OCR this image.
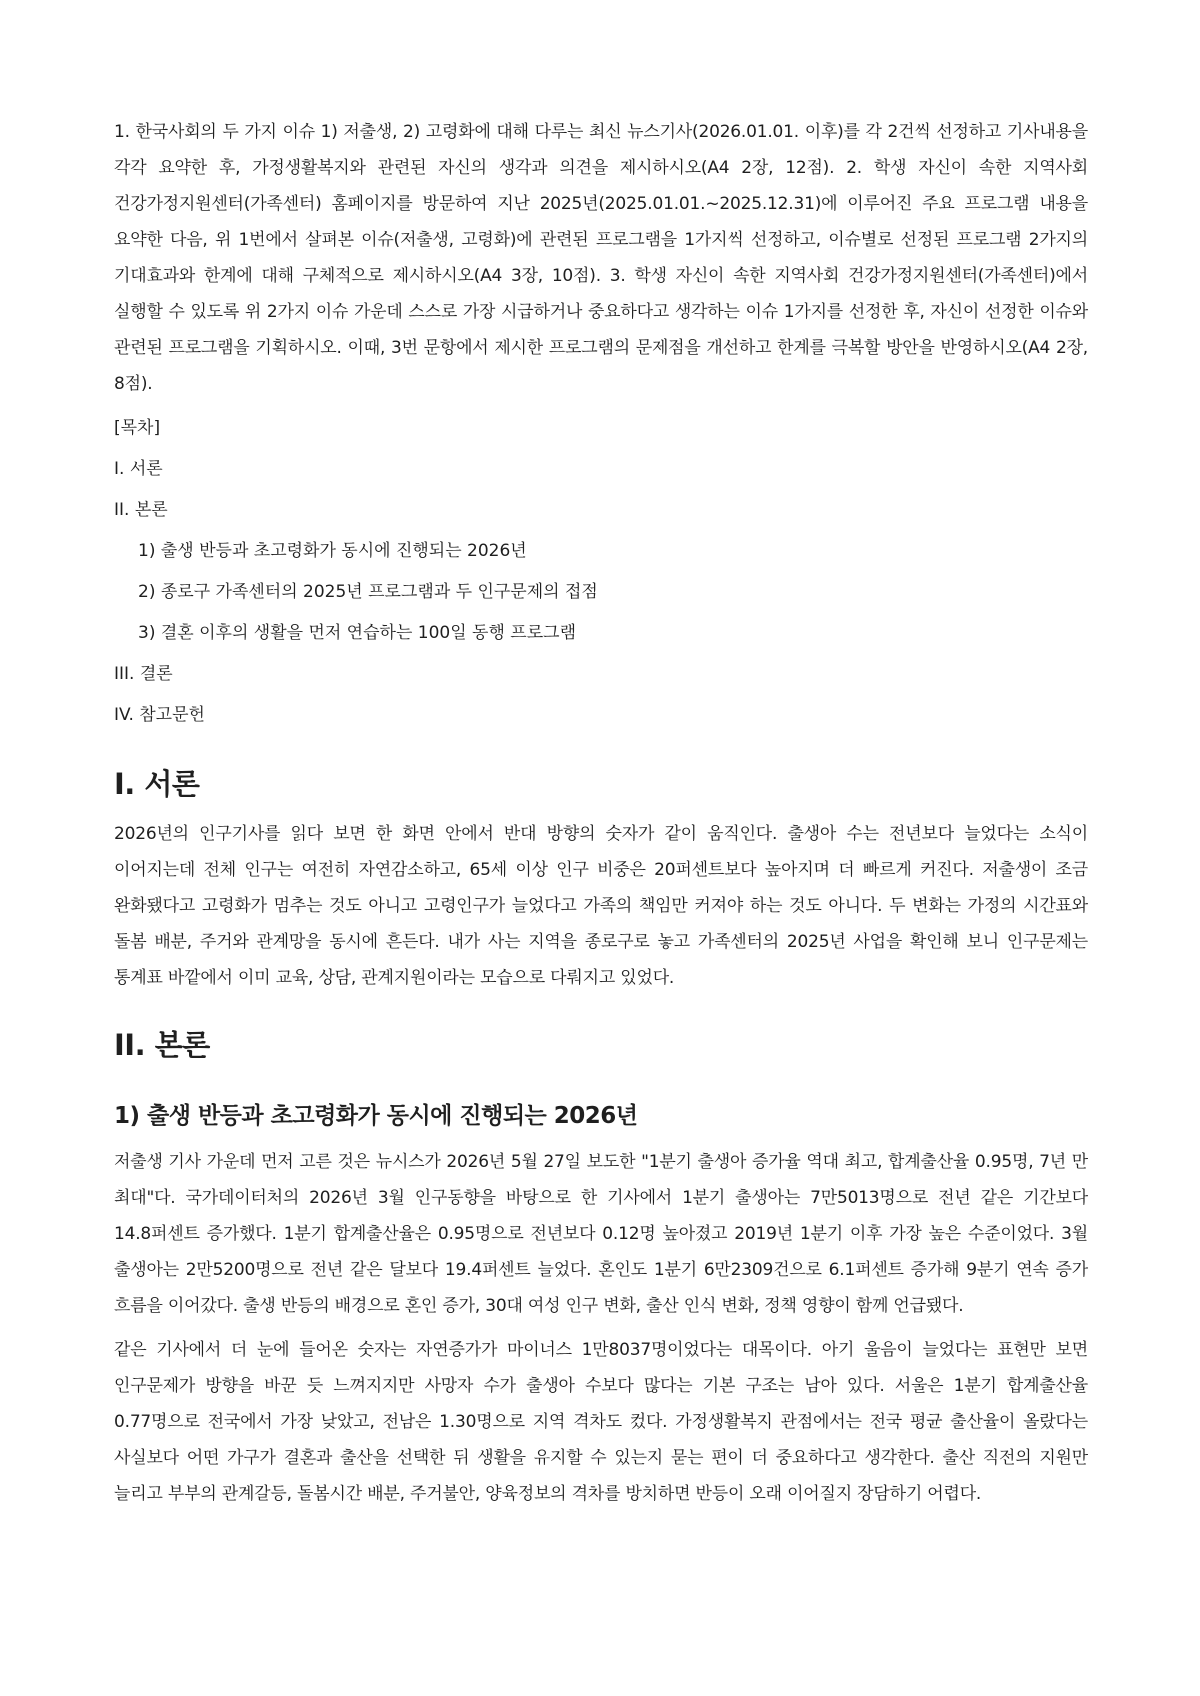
1. 한국사회의 두 가지 이슈 1) 저출생, 2) 고령화에 대해 다루는 최신 뉴스기사(2026.01.01. 이후)를 각 2건씩 선정하고 기사내용을 각각 요약한 후, 가정생활복지와 관련된 자신의 생각과 의견을 제시하시오(A4 2장, 12점). 2. 학생 자신이 속한 지역사회 건강가정지원센터(가족센터) 홈페이지를 방문하여 지난 2025년(2025.01.01.~2025.12.31)에 이루어진 주요 프로그램 내용을 요약한 다음, 위 1번에서 살펴본 이슈(저출생, 고령화)에 관련된 프로그램을 1가지씩 선정하고, 이슈별로 선정된 프로그램 2가지의 기대효과와 한계에 대해 구체적으로 제시하시오(A4 3장, 10점). 3. 학생 자신이 속한 지역사회 건강가정지원센터(가족센터)에서 실행할 수 있도록 위 2가지 이슈 가운데 스스로 가장 시급하거나 중요하다고 생각하는 이슈 1가지를 선정한 후, 자신이 선정한 이슈와 관련된 프로그램을 기획하시오. 이때, 3번 문항에서 제시한 프로그램의 문제점을 개선하고 한계를 극복할 방안을 반영하시오(A4 2장, 8점).

[목차]
I. 서론
II. 본론
1) 출생 반등과 초고령화가 동시에 진행되는 2026년
2) 종로구 가족센터의 2025년 프로그램과 두 인구문제의 접점
3) 결혼 이후의 생활을 먼저 연습하는 100일 동행 프로그램
III. 결론
IV. 참고문헌
I. 서론

2026년의 인구기사를 읽다 보면 한 화면 안에서 반대 방향의 숫자가 같이 움직인다. 출생아 수는 전년보다 늘었다는 소식이 이어지는데 전체 인구는 여전히 자연감소하고, 65세 이상 인구 비중은 20퍼센트보다 높아지며 더 빠르게 커진다. 저출생이 조금 완화됐다고 고령화가 멈추는 것도 아니고 고령인구가 늘었다고 가족의 책임만 커져야 하는 것도 아니다. 두 변화는 가정의 시간표와 돌봄 배분, 주거와 관계망을 동시에 흔든다. 내가 사는 지역을 종로구로 놓고 가족센터의 2025년 사업을 확인해 보니 인구문제는 통계표 바깥에서 이미 교육, 상담, 관계지원이라는 모습으로 다뤄지고 있었다.

II. 본론
1) 출생 반등과 초고령화가 동시에 진행되는 2026년

저출생 기사 가운데 먼저 고른 것은 뉴시스가 2026년 5월 27일 보도한 "1분기 출생아 증가율 역대 최고, 합계출산율 0.95명, 7년 만 최대"다. 국가데이터처의 2026년 3월 인구동향을 바탕으로 한 기사에서 1분기 출생아는 7만5013명으로 전년 같은 기간보다 14.8퍼센트 증가했다. 1분기 합계출산율은 0.95명으로 전년보다 0.12명 높아졌고 2019년 1분기 이후 가장 높은 수준이었다. 3월 출생아는 2만5200명으로 전년 같은 달보다 19.4퍼센트 늘었다. 혼인도 1분기 6만2309건으로 6.1퍼센트 증가해 9분기 연속 증가 흐름을 이어갔다. 출생 반등의 배경으로 혼인 증가, 30대 여성 인구 변화, 출산 인식 변화, 정책 영향이 함께 언급됐다.

같은 기사에서 더 눈에 들어온 숫자는 자연증가가 마이너스 1만8037명이었다는 대목이다. 아기 울음이 늘었다는 표현만 보면 인구문제가 방향을 바꾼 듯 느껴지지만 사망자 수가 출생아 수보다 많다는 기본 구조는 남아 있다. 서울은 1분기 합계출산율 0.77명으로 전국에서 가장 낮았고, 전남은 1.30명으로 지역 격차도 컸다. 가정생활복지 관점에서는 전국 평균 출산율이 올랐다는 사실보다 어떤 가구가 결혼과 출산을 선택한 뒤 생활을 유지할 수 있는지 묻는 편이 더 중요하다고 생각한다. 출산 직전의 지원만 늘리고 부부의 관계갈등, 돌봄시간 배분, 주거불안, 양육정보의 격차를 방치하면 반등이 오래 이어질지 장담하기 어렵다.
